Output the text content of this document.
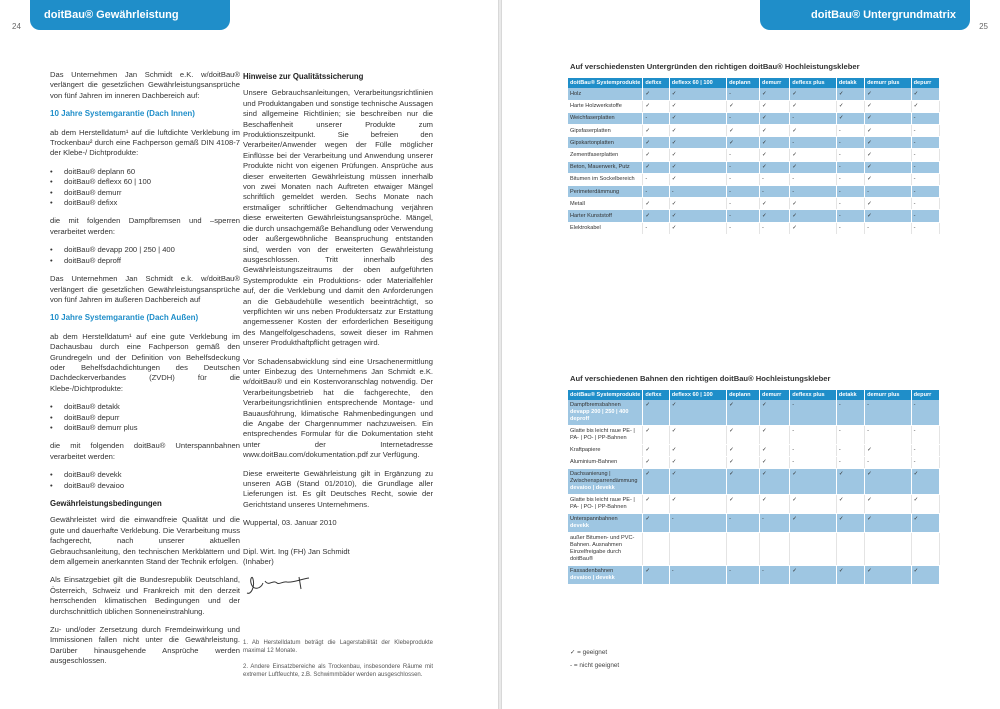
doitBau® Gewährleistung
24

Das Unternehmen Jan Schmidt e.K. w/doitBau® verlängert die gesetzlichen Gewährleistungsansprüche von fünf Jahren im inneren Dachbereich auf:

10 Jahre Systemgarantie (Dach Innen)

ab dem Herstelldatum¹ auf die luftdichte Verklebung im Trockenbau² durch eine Fachperson gemäß DIN 4108-7 der Klebe-/ Dichtprodukte:

• doitBau® deplann 60
• doitBau® deflexx 60 | 100
• doitBau® demurr
• doitBau® defixx

die mit folgenden Dampfbremsen und –sperren verarbeitet werden:

• doitBau® devapp 200 | 250 | 400
• doitBau® deproff

Das Unternehmen Jan Schmidt e.k. w/doitBau® verlängert die gesetzlichen Gewährleistungsansprüche von fünf Jahren im äußeren Dachbereich auf

10 Jahre Systemgarantie (Dach Außen)

ab dem Herstelldatum¹ auf eine gute Verklebung im Dachausbau durch eine Fachperson gemäß den Grundregeln und der Definition von Behelfsdeckung oder Behelfsdachdichtungen des Deutschen Dachdeckerverbandes (ZVDH) für die Klebe-/Dichtprodukte:

• doitBau® detakk
• doitBau® depurr
• doitBau® demurr plus

die mit folgenden doitBau® Unterspannbahnen verarbeitet werden:

• doitBau® devekk
• doitBau® devaioo
Gewährleistungsbedingungen

Gewährleistet wird die einwandfreie Qualität und die gute und dauerhafte Verklebung. Die Verarbeitung muss fachgerecht, nach unserer aktuellen Gebrauchsanleitung, den technischen Merkblättern und dem allgemein anerkannten Stand der Technik erfolgen.

Als Einsatzgebiet gilt die Bundesrepublik Deutschland, Österreich, Schweiz und Frankreich mit den derzeit herrschenden klimatischen Bedingungen und der durchschnittlich üblichen Sonneneinstrahlung.

Zu- und/oder Zersetzung durch Fremdeinwirkung und Immissionen fallen nicht unter die Gewährleistung. Darüber hinausgehende Ansprüche werden ausgeschlossen.

Hinweise zur Qualitätssicherung

Unsere Gebrauchsanleitungen, Verarbeitungsrichtlinien und Produktangaben und sonstige technische Aussagen sind allgemeine Richtlinien; sie beschreiben nur die Beschaffenheit unserer Produkte zum Produktionszeitpunkt. Sie befreien den Verarbeiter/Anwender wegen der Fülle möglicher Einflüsse bei der Verarbeitung und Anwendung unserer Produkte nicht von eigenen Prüfungen. Ansprüche aus dieser erweiterten Gewährleistung müssen innerhalb von zwei Monaten nach Auftreten etwaiger Mängel schriftlich gemeldet werden. Sechs Monate nach erstmaliger schriftlicher Geltendmachung verjähren diese erweiterten Gewährleistungsansprüche. Mängel, die durch unsachgemäße Behandlung oder Verwendung oder außergewöhnliche Beanspruchung entstanden sind, werden von der erweiterten Gewährleistung ausgeschlossen. Tritt innerhalb des Gewährleistungszeitraums der oben aufgeführten Systemprodukte ein Produktions- oder Materialfehler auf, der die Verklebung und damit den Anforderungen an die Gebäudehülle wesentlich beeinträchtigt, so verpflichten wir uns neben Produktersatz zur Erstattung angemessener Kosten der erforderlichen Beseitigung des Mangelfolgeschadens, soweit dieser im Rahmen unserer Produkthaftpflicht getragen wird.

Vor Schadensabwicklung sind eine Ursachenermittlung unter Einbezug des Unternehmens Jan Schmidt e.K. w/doitBau® und ein Kostenvoranschlag notwendig. Der Verarbeitungsbetrieb hat die fachgerechte, den Verarbeitungsrichtlinien entsprechende Montage- und Bauausführung, klimatische Rahmenbedingungen und die Angabe der Chargennummer nachzuweisen. Ein entsprechendes Formular für die Dokumentation steht unter der Internetadresse www.doitBau.com/dokumentation.pdf zur Verfügung.

Diese erweiterte Gewährleistung gilt in Ergänzung zu unseren AGB (Stand 01/2010), die Grundlage aller Lieferungen ist. Es gilt Deutsches Recht, sowie der Gerichtstand unseres Unternehmens.

Wuppertal, 03. Januar 2010

Dipl. Wirt. Ing (FH) Jan Schmidt

(Inhaber)

1. Ab Herstelldatum beträgt die Lagerstabilität der Klebeprodukte maximal 12 Monate.

2. Andere Einsatzbereiche als Trockenbau, insbesondere Räume mit extremer Luftfeuchte, z.B. Schwimmbäder werden ausgeschlossen.

doitBau® Untergrundmatrix
25
Auf verschiedensten Untergründen den richtigen doitBau® Hochleistungskleber
doitBau® Systemprodukte	defixx	deflexx 60 | 100	deplann	demurr	deflexx plus	detakk	demurr plus	depurr

Holz	✓	✓	-	✓	✓	✓	✓	✓

Harte Holzwerkstoffe	✓	✓	✓	✓	✓	✓	✓	✓

Weichfaserplatten	-	✓	-	✓	-	✓	✓	-

Gipsfaserplatten	✓	✓	✓	✓	✓	-	✓	-

Gipskartonplatten	✓	✓	✓	✓	-	-	✓	-

Zementfaserplatten	✓	✓	-	✓	✓	-	✓	-

Beton, Mauerwerk, Putz	✓	✓	-	✓	✓	-	✓	-

Bitumen im Sockelbereich	-	✓	-	-	-	-	✓	-

Perimeterdämmung	-	-	-	-	-	-	-	-

Metall	✓	✓	-	✓	✓	-	✓	-

Harter Kunststoff	✓	✓	-	✓	✓	-	✓	-

Elektrokabel	-	✓	-	-	✓	-	-	-
Auf verschiedenen Bahnen den richtigen doitBau® Hochleistungskleber
doitBau® Systemprodukte	defixx	deflexx 60 | 100	deplann	demurr	deflexx plus	detakk	demurr plus	depurr

Dampfbremsbahnen
devapp 200 | 250 | 400 deproff	✓	✓	✓	✓	-	-	-	-

Glatte bis leicht raue PE- | PA- | PO- | PP-Bahnen	✓	✓	✓	✓	-	-	-	-

Kraftpapiere	✓	✓	✓	✓	-	-	✓	-

Aluminium-Bahnen	✓	✓	✓	✓	-	-	-	-

Dachsanierung | Zwischensparrendämmung
devaioo | devekk	✓	✓	✓	✓	✓	✓	✓	✓

Glatte bis leicht raue PE- | PA- | PO- | PP-Bahnen	✓	✓	✓	✓	✓	✓	✓	✓

Unterspannbahnen
devekk	✓	-	-	-	✓	✓	✓	✓

außer Bitumen- und PVC-Bahnen. Ausnahmen Einzelfreigabe durch doitBau®								

Fassadenbahnen
devaioo | devekk	✓	-	-	-	✓	✓	✓	✓
✓ = geeignet
- = nicht geeignet
